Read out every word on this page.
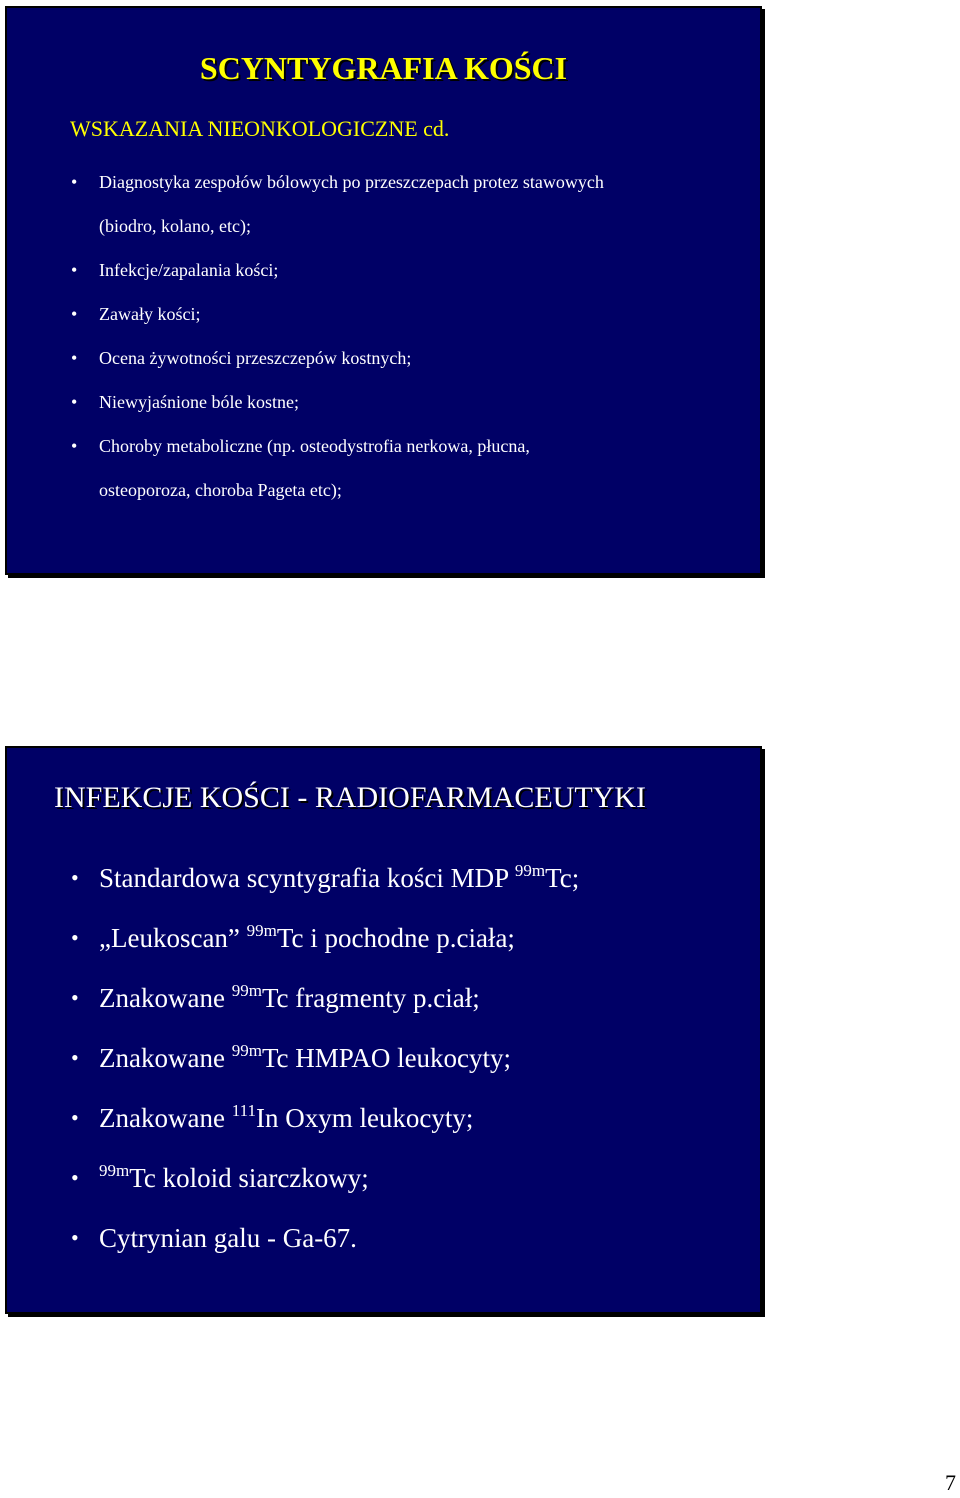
SCYNTYGRAFIA KOŚCI
WSKAZANIA NIEONKOLOGICZNE cd.
• Diagnostyka zespołów bólowych po przeszczepach protez stawowych
(biodro, kolano, etc);
• Infekcje/zapalania kości;
• Zawały kości;
• Ocena żywotności przeszczepów kostnych;
• Niewyjaśnione bóle kostne;
• Choroby metaboliczne (np. osteodystrofia nerkowa, płucna,
osteoporoza, choroba Pageta etc);
INFEKCJE KOŚCI - RADIOFARMACEUTYKI
• Standardowa scyntygrafia kości MDP $^{99m}$Tc;
• „Leukoscan” $^{99m}$Tc i pochodne p.ciała;
• Znakowane $^{99m}$Tc fragmenty p.ciał;
• Znakowane $^{99m}$Tc HMPAO leukocyty;
• Znakowane $^{111}$In Oxym leukocyty;
• $^{99m}$Tc koloid siarczkowy;
• Cytrynian galu - Ga-67.
7
